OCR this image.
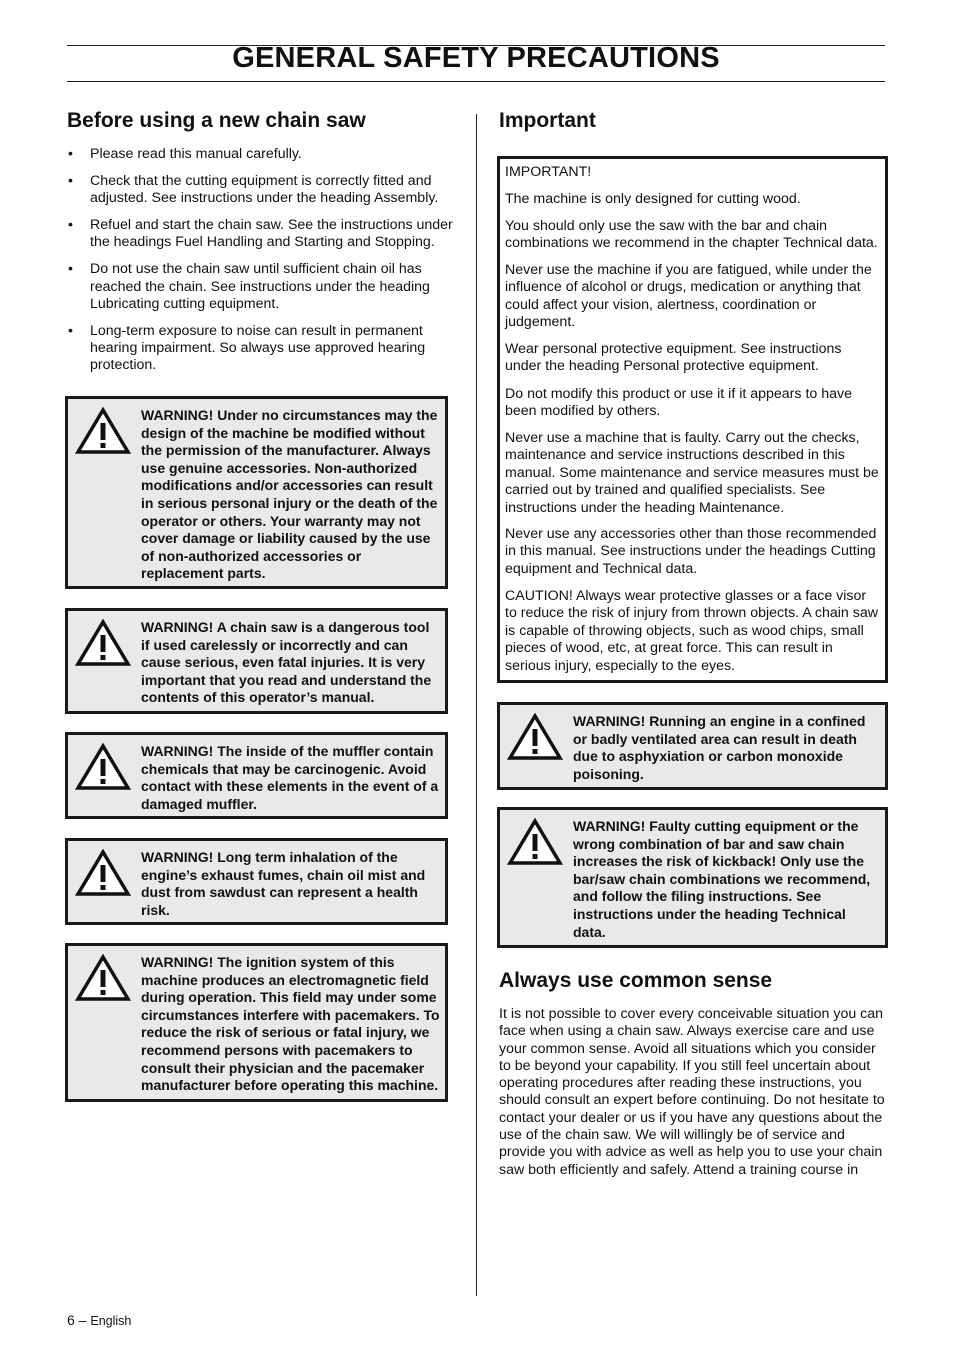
GENERAL SAFETY PRECAUTIONS
Before using a new chain saw
• Please read this manual carefully.
• Check that the cutting equipment is correctly fitted and adjusted. See instructions under the heading Assembly.
• Refuel and start the chain saw. See the instructions under the headings Fuel Handling and Starting and Stopping.
• Do not use the chain saw until sufficient chain oil has reached the chain. See instructions under the heading Lubricating cutting equipment.
• Long-term exposure to noise can result in permanent hearing impairment. So always use approved hearing protection.
WARNING! Under no circumstances may the design of the machine be modified without the permission of the manufacturer. Always use genuine accessories. Non-authorized modifications and/or accessories can result in serious personal injury or the death of the operator or others. Your warranty may not cover damage or liability caused by the use of non-authorized accessories or replacement parts.
WARNING! A chain saw is a dangerous tool if used carelessly or incorrectly and can cause serious, even fatal injuries. It is very important that you read and understand the contents of this operator’s manual.
WARNING! The inside of the muffler contain chemicals that may be carcinogenic. Avoid contact with these elements in the event of a damaged muffler.
WARNING! Long term inhalation of the engine’s exhaust fumes, chain oil mist and dust from sawdust can represent a health risk.
WARNING! The ignition system of this machine produces an electromagnetic field during operation. This field may under some circumstances interfere with pacemakers. To reduce the risk of serious or fatal injury, we recommend persons with pacemakers to consult their physician and the pacemaker manufacturer before operating this machine.
Important

IMPORTANT!

The machine is only designed for cutting wood.

You should only use the saw with the bar and chain combinations we recommend in the chapter Technical data.

Never use the machine if you are fatigued, while under the influence of alcohol or drugs, medication or anything that could affect your vision, alertness, coordination or judgement.

Wear personal protective equipment. See instructions under the heading Personal protective equipment.

Do not modify this product or use it if it appears to have been modified by others.

Never use a machine that is faulty. Carry out the checks, maintenance and service instructions described in this manual. Some maintenance and service measures must be carried out by trained and qualified specialists. See instructions under the heading Maintenance.

Never use any accessories other than those recommended in this manual. See instructions under the headings Cutting equipment and Technical data.

CAUTION! Always wear protective glasses or a face visor to reduce the risk of injury from thrown objects. A chain saw is capable of throwing objects, such as wood chips, small pieces of wood, etc, at great force. This can result in serious injury, especially to the eyes.

WARNING! Running an engine in a confined or badly ventilated area can result in death due to asphyxiation or carbon monoxide poisoning.
WARNING! Faulty cutting equipment or the wrong combination of bar and saw chain increases the risk of kickback! Only use the bar/saw chain combinations we recommend, and follow the filing instructions. See instructions under the heading Technical data.
Always use common sense

It is not possible to cover every conceivable situation you can face when using a chain saw. Always exercise care and use your common sense. Avoid all situations which you consider to be beyond your capability. If you still feel uncertain about operating procedures after reading these instructions, you should consult an expert before continuing. Do not hesitate to contact your dealer or us if you have any questions about the use of the chain saw. We will willingly be of service and provide you with advice as well as help you to use your chain saw both efficiently and safely. Attend a training course in

6 – English
